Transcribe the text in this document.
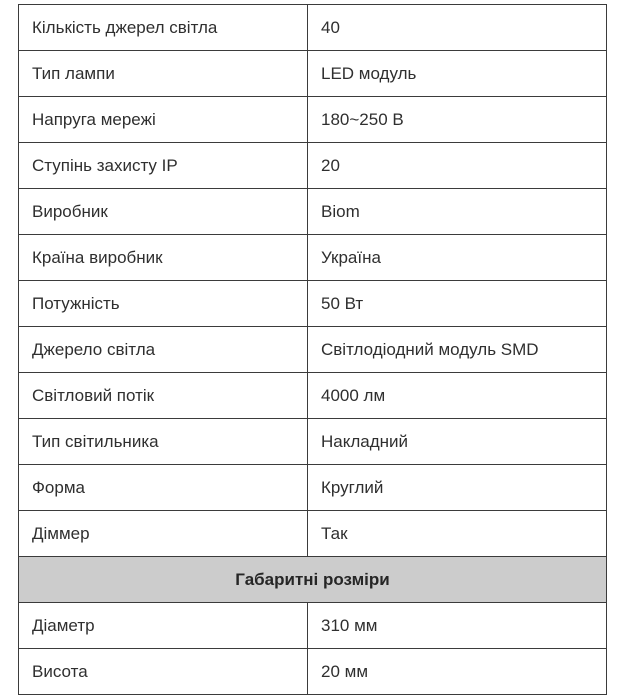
Кількість джерел світла	40
Тип лампи	LED модуль
Напруга мережі	180~250 В
Ступінь захисту IP	20
Виробник	Biom
Країна виробник	Україна
Потужність	50 Вт
Джерело світла	Світлодіодний модуль SMD
Світловий потік	4000 лм
Тип світильника	Накладний
Форма	Круглий
Діммер	Так
Габаритні розміри	
Діаметр	310 мм
Висота	20 мм
